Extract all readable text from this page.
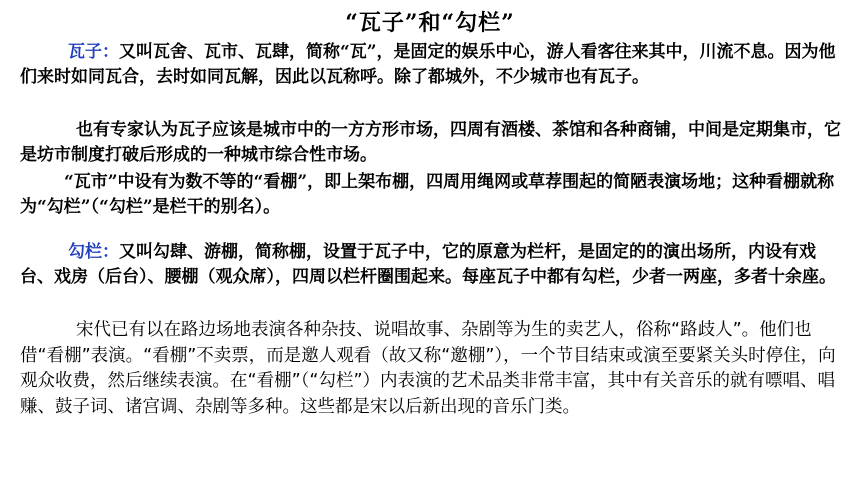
“瓦子”和“勾栏”

瓦子：又叫瓦舍、瓦市、瓦肆，简称“瓦”，是固定的娱乐中心，游人看客往来其中，川流不息。因为他们来时如同瓦合，去时如同瓦解，因此以瓦称呼。除了都城外，不少城市也有瓦子。

也有专家认为瓦子应该是城市中的一方方形市场，四周有酒楼、茶馆和各种商铺，中间是定期集市，它是坊市制度打破后形成的一种城市综合性市场。

“瓦市”中设有为数不等的“看棚”，即上架布棚，四周用绳网或草荐围起的简陋表演场地；这种看棚就称为“勾栏”（“勾栏”是栏干的别名）。

勾栏：又叫勾肆、游棚，简称棚，设置于瓦子中，它的原意为栏杆，是固定的的演出场所，内设有戏台、戏房（后台）、腰棚（观众席），四周以栏杆圈围起来。每座瓦子中都有勾栏，少者一两座，多者十余座。

宋代已有以在路边场地表演各种杂技、说唱故事、杂剧等为生的卖艺人，俗称“路歧人”。他们也借“看棚”表演。“看棚”不卖票，而是邀人观看（故又称“邀棚”），一个节目结束或演至要紧关头时停住，向观众收费，然后继续表演。在“看棚”（“勾栏”）内表演的艺术品类非常丰富，其中有关音乐的就有嘌唱、唱赚、鼓子词、诸宫调、杂剧等多种。这些都是宋以后新出现的音乐门类。
